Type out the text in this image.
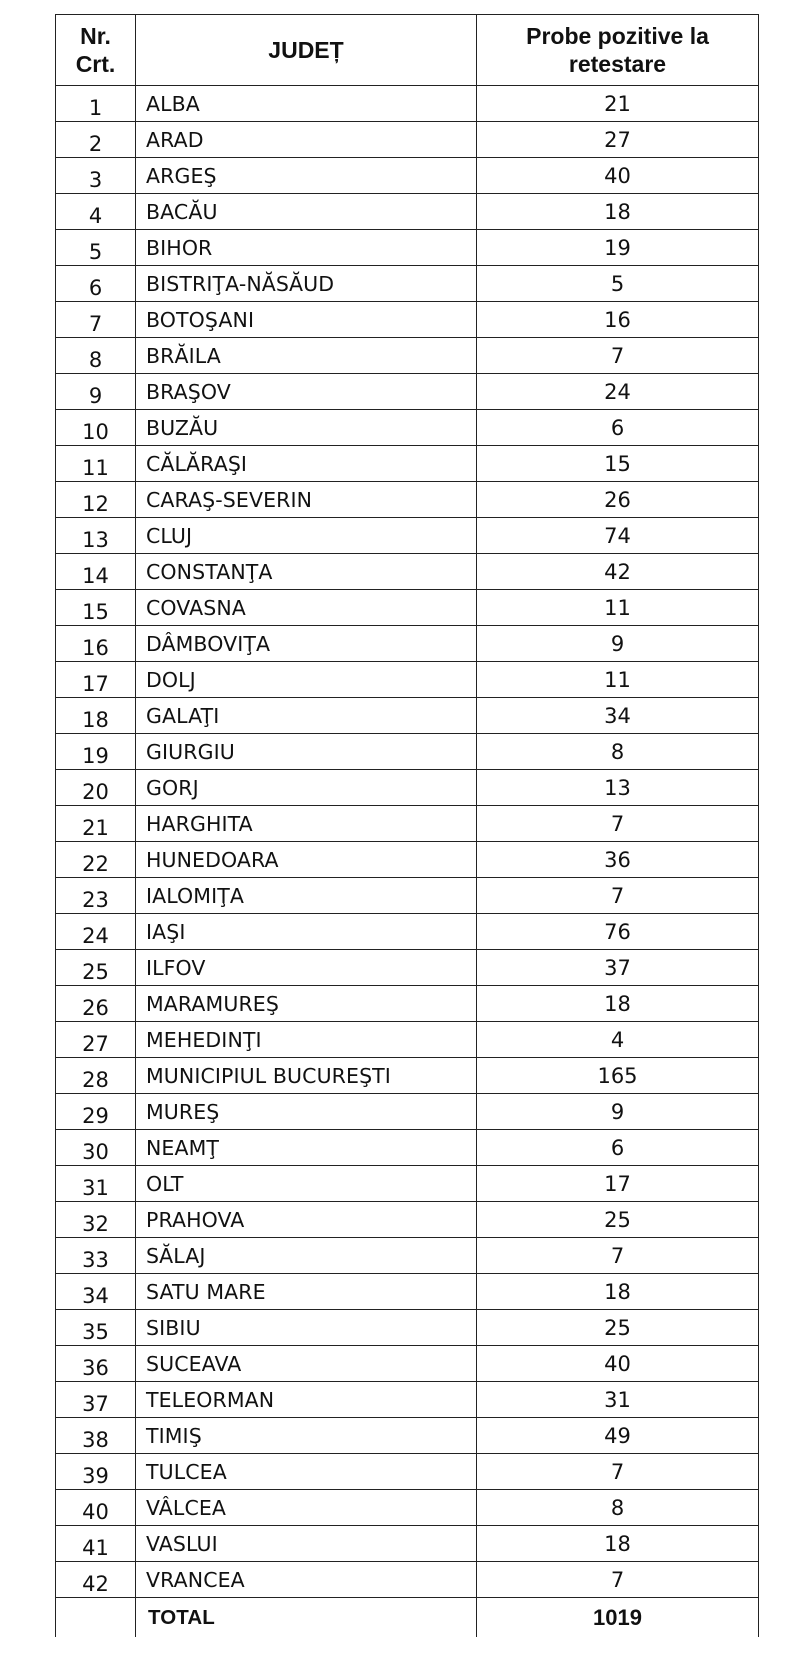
Nr. Crt.	JUDEȚ	Probe pozitive la retestare
1	ALBA	21
2	ARAD	27
3	ARGEŞ	40
4	BACĂU	18
5	BIHOR	19
6	BISTRIŢA-NĂSĂUD	5
7	BOTOŞANI	16
8	BRĂILA	7
9	BRAŞOV	24
10	BUZĂU	6
11	CĂLĂRAŞI	15
12	CARAŞ-SEVERIN	26
13	CLUJ	74
14	CONSTANŢA	42
15	COVASNA	11
16	DÂMBOVIŢA	9
17	DOLJ	11
18	GALAŢI	34
19	GIURGIU	8
20	GORJ	13
21	HARGHITA	7
22	HUNEDOARA	36
23	IALOMIŢA	7
24	IAŞI	76
25	ILFOV	37
26	MARAMUREŞ	18
27	MEHEDINŢI	4
28	MUNICIPIUL BUCUREŞTI	165
29	MUREŞ	9
30	NEAMŢ	6
31	OLT	17
32	PRAHOVA	25
33	SĂLAJ	7
34	SATU MARE	18
35	SIBIU	25
36	SUCEAVA	40
37	TELEORMAN	31
38	TIMIŞ	49
39	TULCEA	7
40	VÂLCEA	8
41	VASLUI	18
42	VRANCEA	7
	TOTAL	1019
